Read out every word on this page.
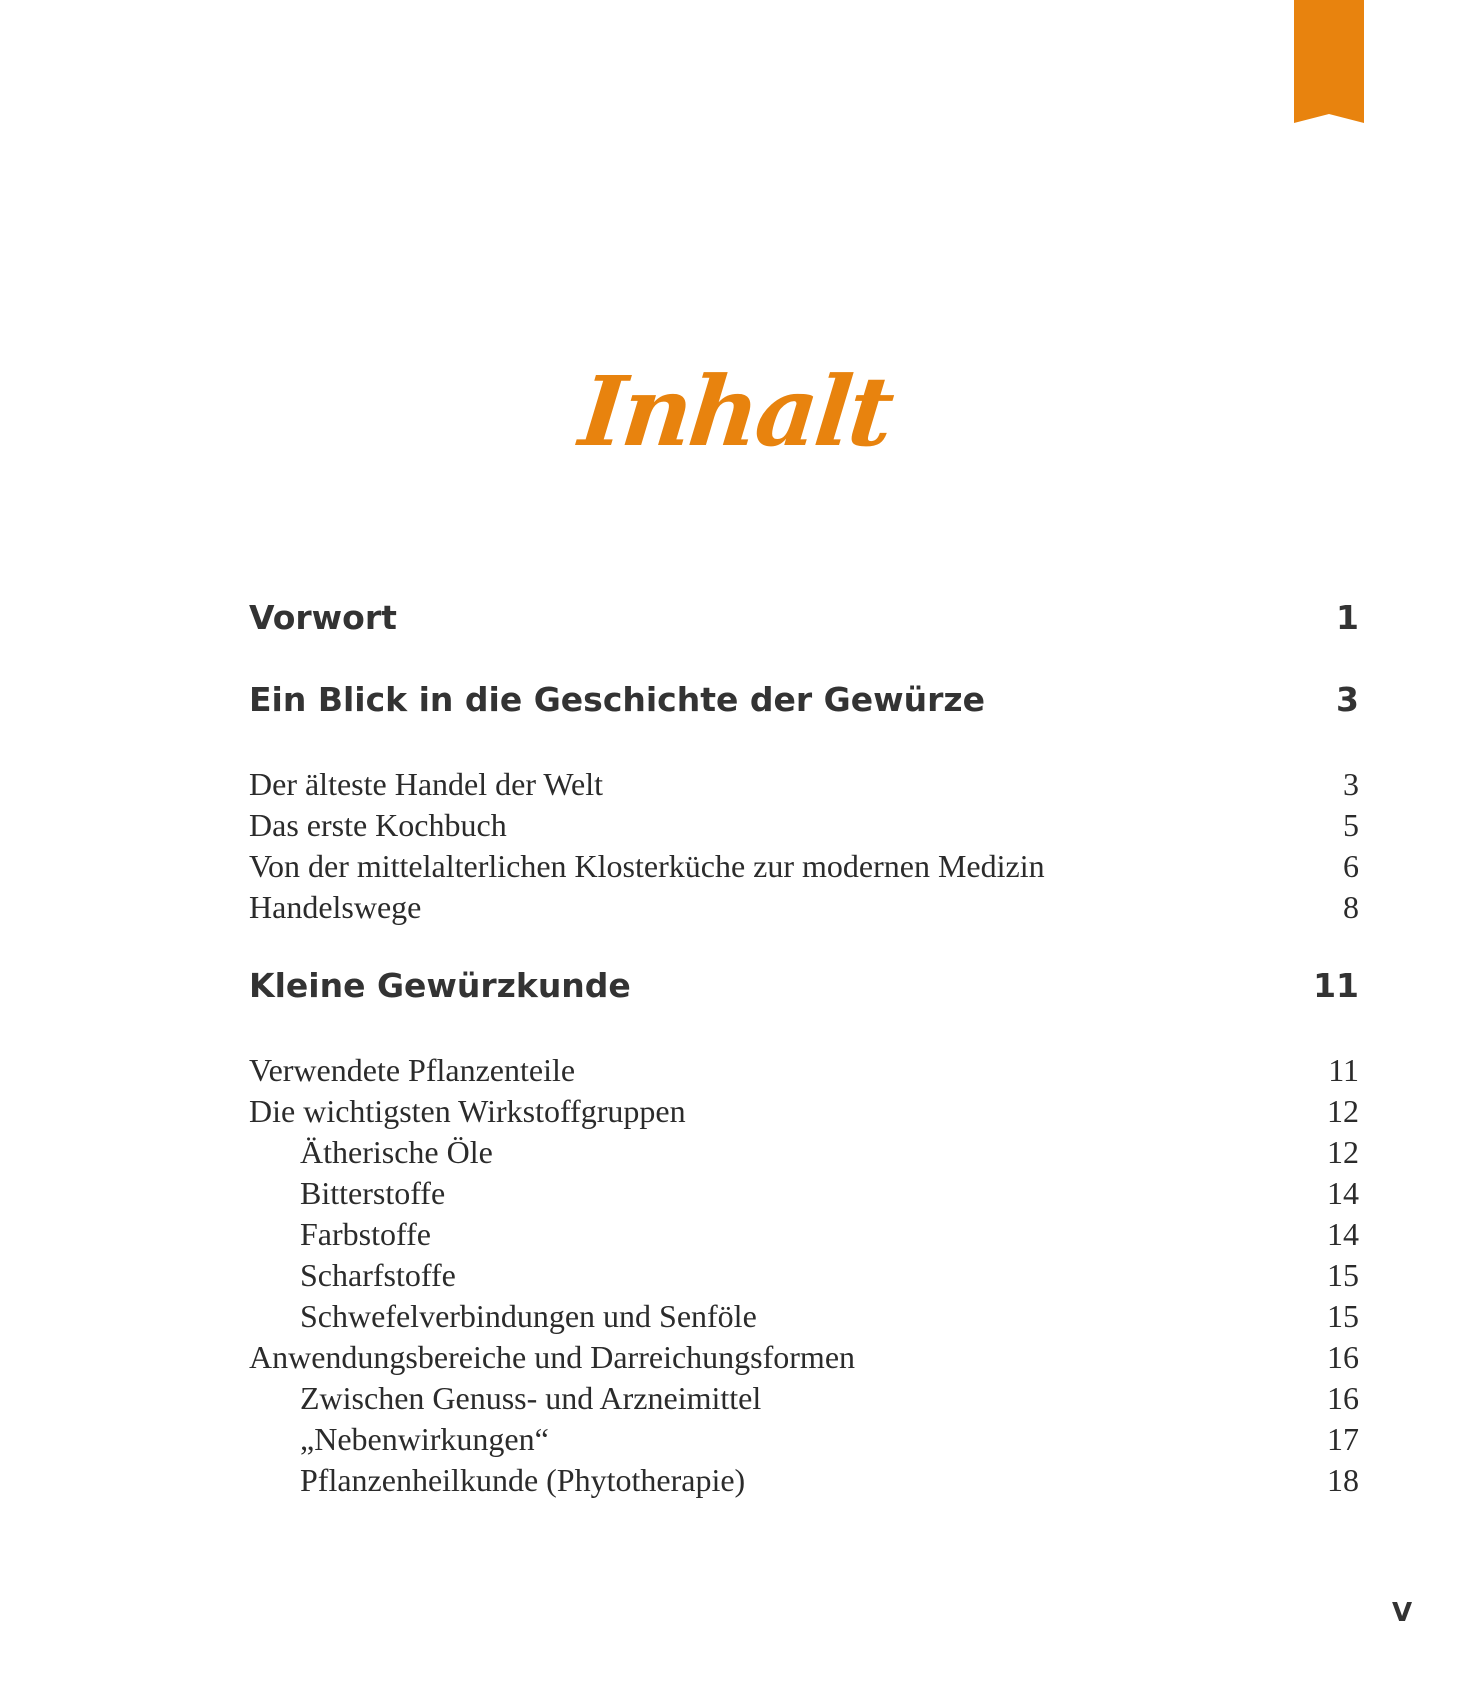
Inhalt
Vorwort	1
Ein Blick in die Geschichte der Gewürze	3
Der älteste Handel der Welt	3
Das erste Kochbuch	5
Von der mittelalterlichen Klosterküche zur modernen Medizin	6
Handelswege	8
Kleine Gewürzkunde	11
Verwendete Pflanzenteile	11
Die wichtigsten Wirkstoffgruppen	12
Ätherische Öle	12
Bitterstoffe	14
Farbstoffe	14
Scharfstoffe	15
Schwefelverbindungen und Senföle	15
Anwendungsbereiche und Darreichungsformen	16
Zwischen Genuss- und Arzneimittel	16
„Nebenwirkungen“	17
Pflanzenheilkunde (Phytotherapie)	18
V
